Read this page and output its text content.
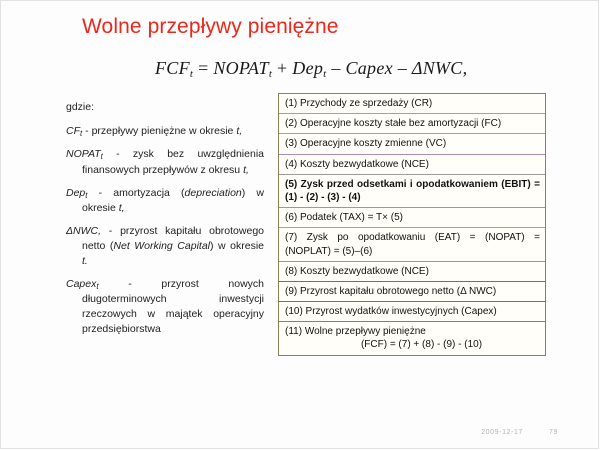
Wolne przepływy pieniężne
$FCF_t$ = $NOPAT_t + Dep_t$ – Capex – ΔNWC,
gdzie:
$CF_t$ - przepływy pieniężne w okresie t,
$NOPAT_t$ - zysk bez uwzględnienia finansowych przepływów z okresu t,
Dep$_t$ - amortyzacja (depreciation) w okresie t,
ΔNWC, - przyrost kapitału obrotowego netto (Net Working Capital) w okresie t.
Capex$_t$ - przyrost nowych długoterminowych inwestycji rzeczowych w majątek operacyjny przedsiębiorstwa
(1) Przychody ze sprzedaży (CR)
(2) Operacyjne koszty stałe bez amortyzacji (FC)
(3) Operacyjne koszty zmienne (VC)
(4) Koszty bezwydatkowe (NCE)
(5) Zysk przed odsetkami i opodatkowaniem (EBIT) = (1) - (2) - (3) - (4)
(6) Podatek (TAX) = T× (5)
(7) Zysk po opodatkowaniu (EAT) = (NOPAT) = (NOPLAT) = (5)–(6)
(8) Koszty bezwydatkowe (NCE)
(9) Przyrost kapitału obrotowego netto (Δ NWC)
(10) Przyrost wydatków inwestycyjnych (Capex)
(11) Wolne przepływy pieniężne
(FCF) = (7) + (8) - (9) - (10)
2009-12-17	79
